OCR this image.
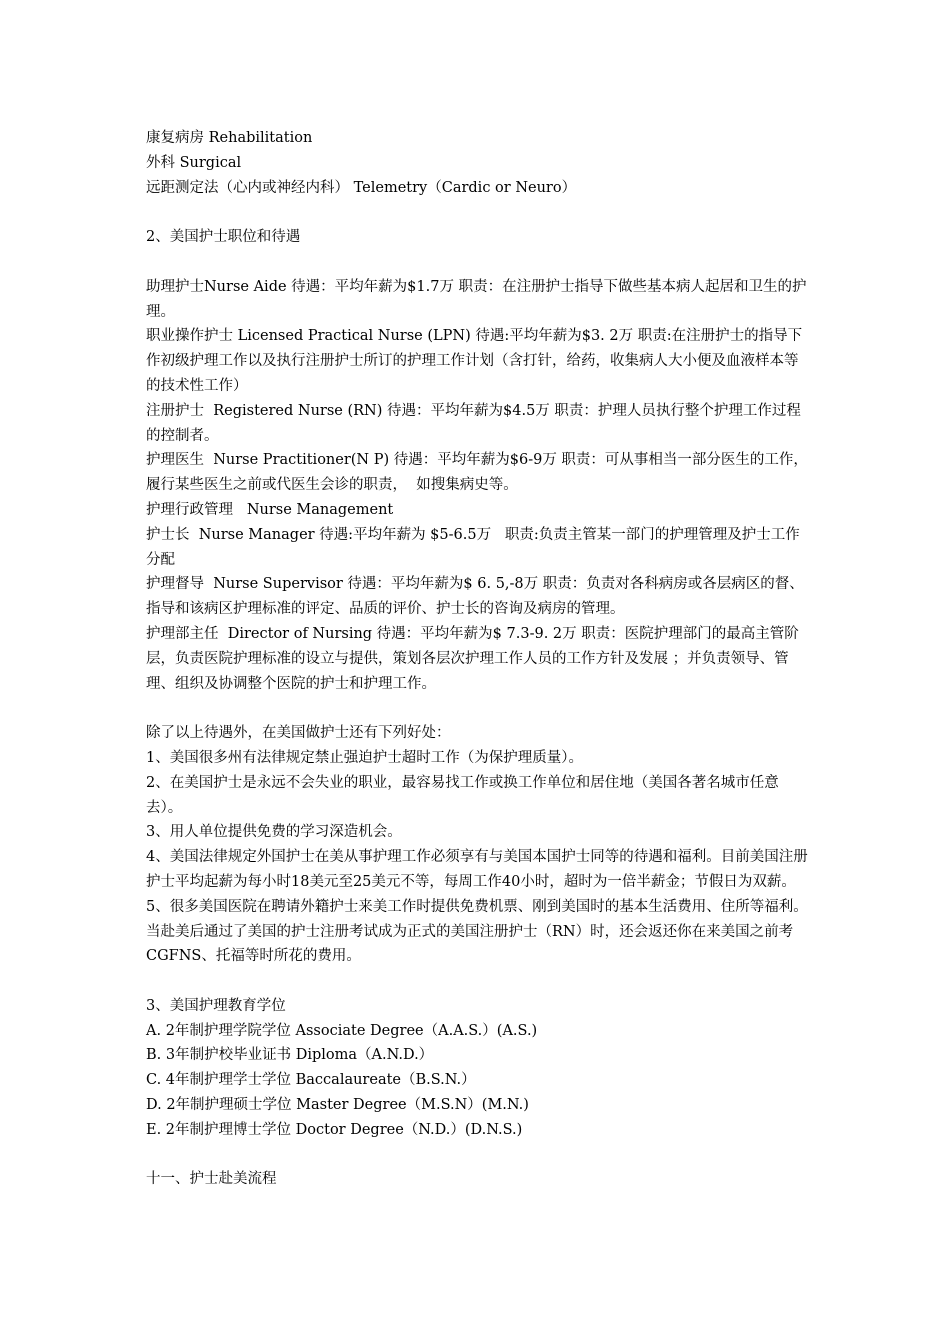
康复病房 Rehabilitation

外科 Surgical

远距测定法（心内或神经内科） Telemetry（Cardic or Neuro）

2、美国护士职位和待遇

助理护士Nurse Aide 待遇：平均年薪为$1.7万 职责：在注册护士指导下做些基本病人起居和卫生的护理。

职业操作护士 Licensed Practical Nurse (LPN) 待遇:平均年薪为$3. 2万 职责:在注册护士的指导下作初级护理工作以及执行注册护士所订的护理工作计划（含打针，给药，收集病人大小便及血液样本等的技术性工作）

注册护士  Registered Nurse (RN) 待遇：平均年薪为$4.5万 职责：护理人员执行整个护理工作过程的控制者。

护理医生  Nurse Practitioner(N P) 待遇：平均年薪为$6-9万 职责：可从事相当一部分医生的工作，履行某些医生之前或代医生会诊的职责，  如搜集病史等。

护理行政管理   Nurse Management

护士长  Nurse Manager 待遇:平均年薪为 $5-6.5万   职责:负责主管某一部门的护理管理及护士工作分配

护理督导  Nurse Supervisor 待遇：平均年薪为$ 6. 5,-8万 职责：负责对各科病房或各层病区的督、指导和该病区护理标准的评定、品质的评价、护士长的咨询及病房的管理。

护理部主任  Director of Nursing 待遇：平均年薪为$ 7.3-9. 2万 职责：医院护理部门的最高主管阶层，负责医院护理标准的设立与提供，策划各层次护理工作人员的工作方针及发展 ；并负责领导、管理、组织及协调整个医院的护士和护理工作。

除了以上待遇外，在美国做护士还有下列好处：

1、美国很多州有法律规定禁止强迫护士超时工作（为保护理质量）。

2、在美国护士是永远不会失业的职业，最容易找工作或换工作单位和居住地（美国各著名城市任意去）。

3、用人单位提供免费的学习深造机会。

4、美国法律规定外国护士在美从事护理工作必须享有与美国本国护士同等的待遇和福利。目前美国注册护士平均起薪为每小时18美元至25美元不等，每周工作40小时，超时为一倍半薪金；节假日为双薪。

5、很多美国医院在聘请外籍护士来美工作时提供免费机票、刚到美国时的基本生活费用、住所等福利。当赴美后通过了美国的护士注册考试成为正式的美国注册护士（RN）时，还会返还你在来美国之前考CGFNS、托福等时所花的费用。

3、美国护理教育学位

A. 2年制护理学院学位 Associate Degree（A.A.S.）(A.S.)

B. 3年制护校毕业证书 Diploma（A.N.D.）

C. 4年制护理学士学位 Baccalaureate（B.S.N.）

D. 2年制护理硕士学位 Master Degree（M.S.N）(M.N.)

E. 2年制护理博士学位 Doctor Degree（N.D.）(D.N.S.)

十一、护士赴美流程
